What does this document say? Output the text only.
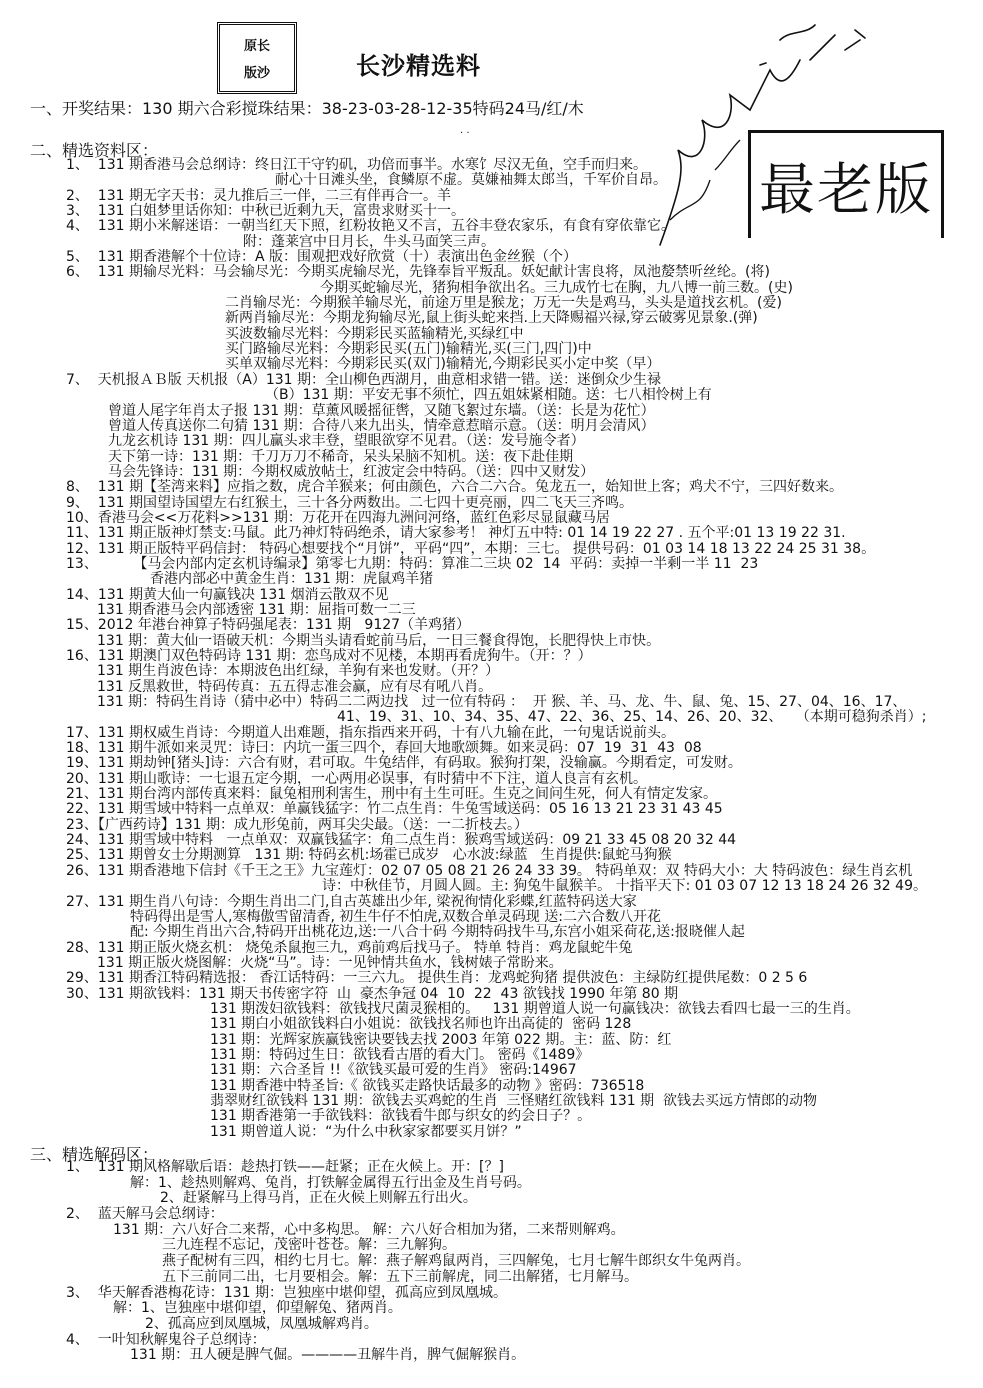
原长
版沙	长沙精选料
最老版
· ·
一、开奖结果：130 期六合彩搅珠结果：38-23-03-28-12-35特码24马/红/木
二、精选资料区：
1、  131 期香港马会总纲诗：终日江干守钓矶，功倍而事半。水寒饣尽汉无鱼，空手而归来。
耐心十日滩头坐，食鳞原不虚。莫嫌袖舞太郎当，千军价自昂。
2、  131 期无字天书：灵九推后三一伴，二三有伴再合一。羊
3、  131 白姐梦里话你知：中秋已近剩九天，富贵求财买十一。
4、  131 期小米解迷语：一朝当红天下照，红粉妆艳又不言，五谷丰登农家乐，有食有穿依靠它。
附：蓬莱宫中日月长，牛头马面笑三声。
5、  131 期香港解个十位诗：A 版：围观把戏好欣赏（十）表演出色金丝猴（个）
6、  131 期输尽光料：马会输尽光：今期买虎输尽光，先锋奉旨平叛乱。妖妃献计害良将，凤池嫠禁听丝纶。(将)
今期买蛇输尽光，猪狗相争欲出名。三九成竹七在胸，九八博一前三数。(史)
二肖输尽光：今期猴羊输尽光，前途万里是猴龙；万无一失是鸡马，头头是道找玄机。(爱)
新两肖输尽光：今期龙狗输尽光,鼠上街头蛇来挡.上天降赐福兴禄,穿云破雾见景象.(弹)
买波数输尽光料：今期彩民买蓝输精光,买绿红中
买门路输尽光料：今期彩民买(五门)输精光,买(三门,四门)中
买单双输尽光料：今期彩民买(双门)输精光,今期彩民买小定中奖（早）
7、  天机报ＡＢ版 天机报（A）131 期：全山柳色西湖月，曲意相求错一错。送：迷倒众少生禄
（B）131 期：平安无事不须忙，四五姐妹紧相随。送：七八相怜树上有
曾道人尾字年肖太子报 131 期：草薰风暖摇征辔，又随飞絮过东墙。（送：长是为花忙）
曾道人传真送你二句猜 131 期：合待八来九出头，情牵意惹暗示意。（送：明月会清风）
九龙玄机诗 131 期：四儿赢头求丰登，望眼欲穿不见君。（送：发号施令者）
天下第一诗：131 期：千刀万刀不稀奇，呆头呆脑不知机。送：夜下赴佳期
马会先锋诗：131 期：今期权威放帖士，红波定会中特码。（送：四中又财发）
8、  131 期【荃湾来料】应指之数，虎合羊猴来；何由颜色，六合二六合。兔龙五一，始知世上客；鸡犬不宁，三四好数来。
9、  131 期国望诗国望左右红猴土，三十各分两数出。二七四十更亮丽，四二飞天三齐鸣。
10、香港马会<<万花料>>131 期：万花开在四海九洲问河络，蓝红色彩尽显鼠藏马居
11、131 期正版神灯禁支:马鼠。此乃神灯特码绝杀，请大家参考！ 神灯五中特: 01 14 19 22 27 . 五个平:01 13 19 22 31.
12、131 期正版特平码信封： 特码心想要找个“月饼”，平码“四”，本期：三七。 提供号码：01 03 14 18 13 22 24 25 31 38。
13、        【马会内部内定玄机诗编录】第零七九期：特码：算准二三块 02  14  平码：卖掉一半剩一半 11  23
香港内部必中黄金生肖：131 期：虎鼠鸡羊猪
14、131 期黄大仙一句赢钱决 131 烟消云散双不见
131 期香港马会内部透密 131 期：屈指可数一二三
15、2012 年港台神算子特码强尾表：131 期   9127（羊鸡猪）
131 期：黄大仙一语破天机：今期当头请看蛇前马后，一日三餐食得饱，长肥得快上市快。
16、131 期澳门双色特码诗 131 期：恋鸟成对不见楼，本期再看虎狗牛。（开：？）
131 期生肖波色诗：本期波色出红绿，羊狗有来也发财。（开？）
131 反黑救世，特码传真：五五得志准会赢，应有尽有吼八肖。
131 期：特码生肖诗（猜中必中）特码二二两边找   过一位有特码 ：  开 猴、羊、马、龙、牛、鼠、兔、15、27、04、16、17、
41、19、31、10、34、35、47、22、36、25、14、26、20、32、   （本期可稳狗杀肖）;
17、131 期权威生肖诗：今期道人出难题，指东指西来开码，十有八九输在此，一句鬼话说前头。
18、131 期牛派如来灵咒：诗曰：内坑一蛋三四个，春回大地歌颂舞。如来灵码：07  19  31  43  08
19、131 期劫钟[猪头]诗：六合有财，君可取。牛兔结伴，有码取。猴狗打架，没输赢。今期看定，可发财。
20、131 期山歌诗：一七退五定今期，一心两用必误事，有时猜中不下注，道人良言有玄机。
21、131 期台湾内部传真来料：鼠兔相刑利害生，刑中有土生可旺。生克之间问生死，何人有情定发家。
22、131 期雪域中特料一点单双：单赢钱猛字：竹二点生肖：牛兔雪域送码：05 16 13 21 23 31 43 45
23、【广西药诗】131 期：成九形兔前，两耳尖尖最。（送：一二折枝去。）
24、131 期雪域中特料   一点单双：双赢钱猛字：角二点生肖：猴鸡雪域送码：09 21 33 45 08 20 32 44
25、131 期曾女士分期测算   131 期: 特码玄机:场霍已成岁   心水波:绿蓝   生肖提供:鼠蛇马狗猴
26、131 期香港地下信封《千王之王》九宝莲灯：02 07 05 08 21 26 24 33 39。 特码单双：双 特码大小：大 特码波色：绿生肖玄机
诗：中秋佳节，月圆人圆。主: 狗兔牛鼠猴羊。 十指平天下: 01 03 07 12 13 18 24 26 32 49。
27、131 期生肖八句诗：今期生肖出二门,自古英雄出少年, 梁祝徇情化彩蝶,红蓝特码送大家
特码得出是雪人,寒梅傲雪留清香, 初生牛仔不怕虎,双数合单灵码现 送:二六合数八开花
配: 今期生肖出六合,特码开出桃花边,送:一八合十码 今期特码找牛马,东宫小姐采荷花,送:报晓催人起
28、131 期正版火烧玄机： 烧兔杀鼠抱三九，鸡前鸡后找马子。 特单 特肖：鸡龙鼠蛇牛兔
131 期正版火烧图解：火烧“马”。诗：一见钟情共鱼水，钱树婊子常盼来。
29、131 期香江特码精选报： 香江话特码：一三六九。 提供生肖：龙鸡蛇狗猪 提供波色：主绿防红提供尾数：0 2 5 6
30、131 期欲钱料：131 期天书传密字符  山  豪杰争冠 04  10  22  43 欲钱找 1990 年第 80 期
131 期泼妇欲钱料：欲钱找尺菌灵猴相的。   131 期曾道人说一句赢钱决：欲钱去看四七最一三的生肖。
131 期白小姐欲钱料白小姐说：欲钱找名师也许出高徒的  密码 128
131 期：光辉家族赢钱密诀要钱去找 2003 年第 022 期。主：蓝、防：红
131 期：特码过生日：欲钱看古厝的看大门。 密码《1489》
131 期：六合圣旨 !!《欲钱买最可爱的生肖》 密码:14967
131 期香港中特圣旨:《 欲钱买走路快话最多的动物 》密码：736518
翡翠财红欲钱料 131 期：欲钱去买鸡蛇的生肖  三怪赌红欲钱料 131 期  欲钱去买远方情郎的动物
131 期香港第一手欲钱料：欲钱看牛郎与织女的约会日子？。
131 期曾道人说：“为什么中秋家家都要买月饼？”
三、精选解码区：
1、  131 期风格解歇后语：趁热打铁——赶紧；正在火候上。开：[？]
解：1、趁热则解鸡、兔肖，打铁解金属得五行出金及生肖号码。
2、赶紧解马上得马肖，正在火候上则解五行出火。
2、  蓝天解马会总纲诗：
131 期：六八好合二来帮，心中多构思。 解：六八好合相加为猪，二来帮则解鸡。
三九连程不忘记，茂密叶苍苍。解：三九解狗。
燕子配树有三四，相约七月七。解：燕子解鸡鼠两肖，三四解兔，七月七解牛郎织女牛兔两肖。
五下三前同二出，七月要相会。解：五下三前解虎，同二出解猪，七月解马。
3、  华天解香港梅花诗：131 期：岂独座中堪仰望，孤高应到凤凰城。
解：1、岂独座中堪仰望，仰望解兔、猪两肖。
2、孤高应到凤凰城，凤凰城解鸡肖。
4、  一叶知秋解鬼谷子总纲诗：
131 期：丑人硬是脾气倔。————丑解牛肖，脾气倔解猴肖。
